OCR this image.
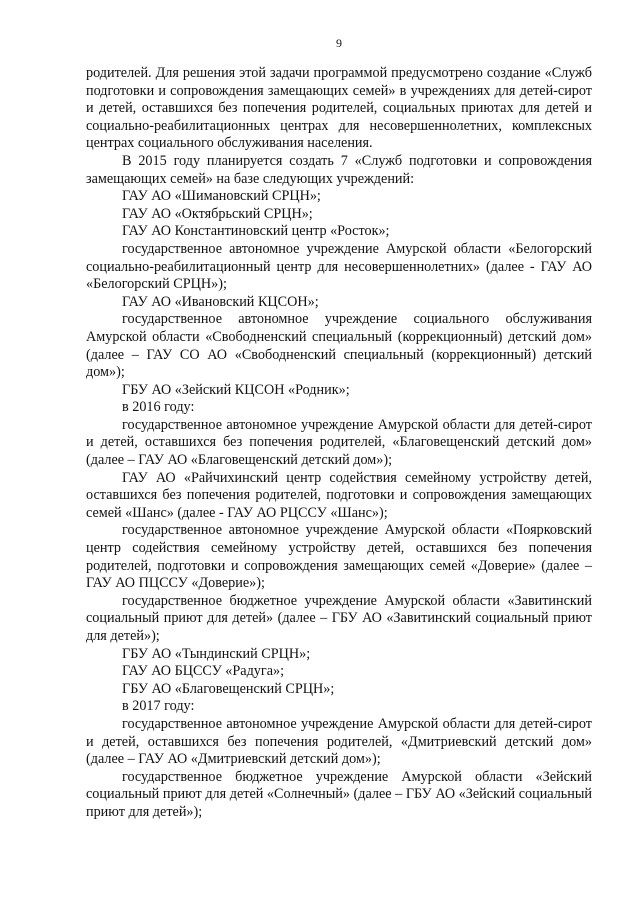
9

родителей. Для решения этой задачи программой предусмотрено создание «Служб подготовки и сопровождения замещающих семей» в учреждениях для детей-сирот и детей, оставшихся без попечения родителей, социальных приютах для детей и социально-реабилитационных центрах для несовершеннолетних, комплексных центрах социального обслуживания населения.

В 2015 году планируется создать 7 «Служб подготовки и сопровождения замещающих семей» на базе следующих учреждений:

ГАУ АО «Шимановский СРЦН»;

ГАУ АО «Октябрьский СРЦН»;

ГАУ АО Константиновский центр «Росток»;

государственное автономное учреждение Амурской области «Белогорский социально-реабилитационный центр для несовершеннолетних» (далее - ГАУ АО «Белогорский СРЦН»);

ГАУ АО «Ивановский КЦСОН»;

государственное автономное учреждение социального обслуживания Амурской области «Свободненский специальный (коррекционный) детский дом» (далее – ГАУ СО АО «Свободненский специальный (коррекционный) детский дом»);

ГБУ АО «Зейский КЦСОН «Родник»;

в 2016 году:

государственное автономное учреждение Амурской области для детей-сирот и детей, оставшихся без попечения родителей, «Благовещенский детский дом» (далее – ГАУ АО «Благовещенский детский дом»);

ГАУ АО «Райчихинский центр содействия семейному устройству детей, оставшихся без попечения родителей, подготовки и сопровождения замещающих семей «Шанс» (далее - ГАУ АО РЦССУ «Шанс»);

государственное автономное учреждение Амурской области «Поярковский центр содействия семейному устройству детей, оставшихся без попечения родителей, подготовки и сопровождения замещающих семей «Доверие» (далее – ГАУ АО ПЦССУ «Доверие»);

государственное бюджетное учреждение Амурской области «Завитинский социальный приют для детей» (далее – ГБУ АО «Завитинский социальный приют для детей»);

ГБУ АО «Тындинский СРЦН»;

ГАУ АО БЦССУ «Радуга»;

ГБУ АО «Благовещенский СРЦН»;

в 2017 году:

государственное автономное учреждение Амурской области для детей-сирот и детей, оставшихся без попечения родителей, «Дмитриевский детский дом» (далее – ГАУ АО «Дмитриевский детский дом»);

государственное бюджетное учреждение Амурской области «Зейский социальный приют для детей «Солнечный» (далее – ГБУ АО «Зейский социальный приют для детей»);
